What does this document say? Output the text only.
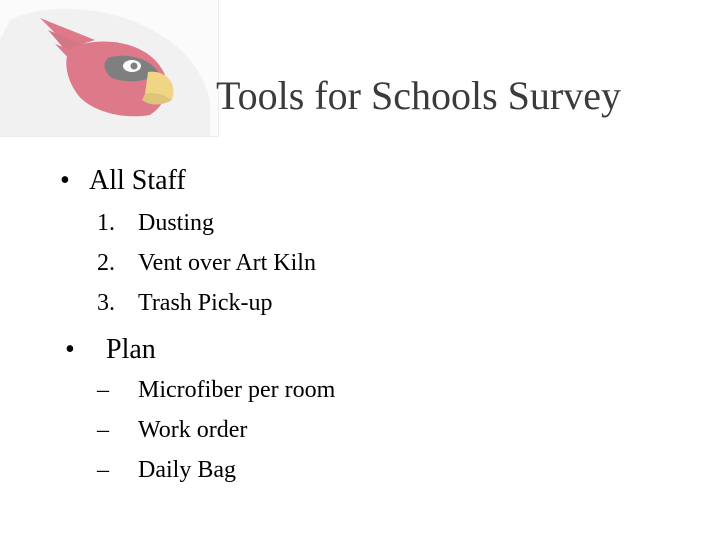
Tools for Schools Survey
• All Staff
1. Dusting
2. Vent over Art Kiln
3. Trash Pick-up
• Plan
– Microfiber per room
– Work order
– Daily Bag
